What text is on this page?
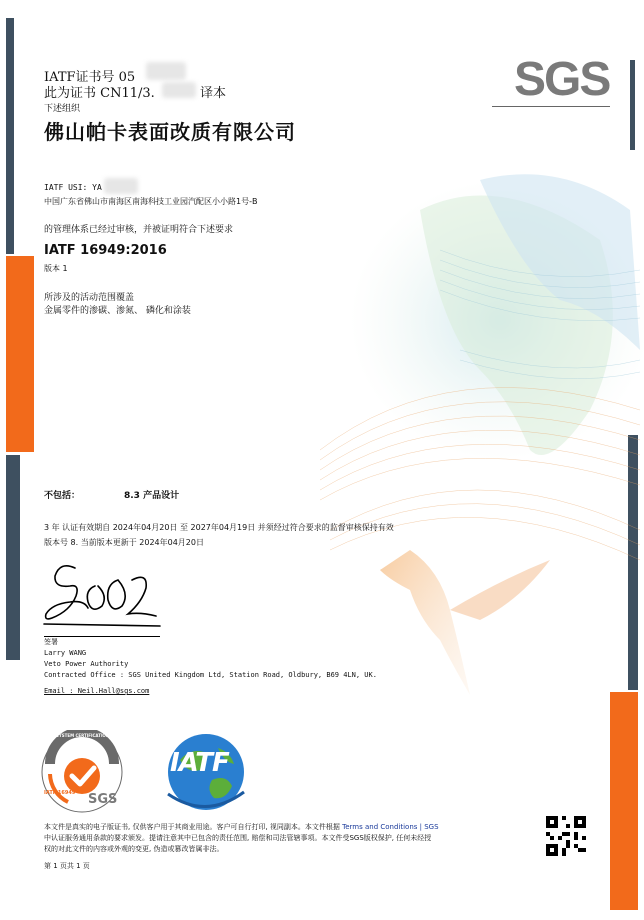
IATF证书号 05
此为证书 CN11/3.	译本
下述组织
佛山帕卡表面改质有限公司
SGS
IATF USI: YA
中国广东省佛山市南海区南海科技工业园汽配区小小路1号-B
的管理体系已经过审核，并被证明符合下述要求
IATF 16949:2016
版本 1
所涉及的活动范围覆盖
金属零件的渗碳、渗氮、 磷化和涂装
不包括：	8.3 产品设计
3 年 认证有效期自 2024年04月20日 至 2027年04月19日 并须经过符合要求的监督审核保持有效
版本号 8. 当前版本更新于 2024年04月20日
签署
Larry WANG
Veto Power Authority
Contracted Office : SGS United Kingdom Ltd, Station Road, Oldbury, B69 4LN, UK.
Email : Neil.Hall@sgs.com
SYSTEM CERTIFICATION
IATF 16949 SGS
IATF
本文件是真实的电子版证书, 仅供客户用于其商业用途。客户可自行打印, 视同副本。本文件根据 Terms and Conditions | SGS
中认证服务通用条款的要求颁发。提请注意其中已包含的责任范围, 赔偿和司法管辖事项。本文件受SGS版权保护, 任何未经授
权的对此文件的内容或外观的变更, 伪造或篡改皆属非法。
第 1 页共 1 页
